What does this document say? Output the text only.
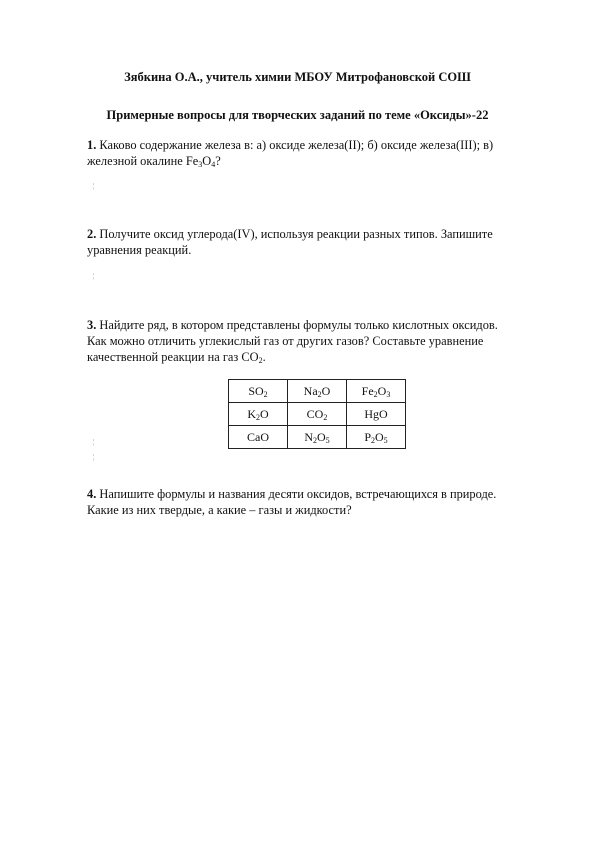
Зябкина О.А., учитель химии МБОУ Митрофановской СОШ
Примерные вопросы для творческих заданий по теме «Оксиды»-22
1. Каково содержание железа в: а) оксиде железа(II); б) оксиде железа(III); в)
железной окалине $Fe_3O_4$?
¦
2. Получите оксид углерода(IV), используя реакции разных типов. Запишите
уравнения реакций.
¦
3. Найдите ряд, в котором представлены формулы только кислотных оксидов.
Как можно отличить углекислый газ от других газов? Составьте уравнение
качественной реакции на газ $CO_2$.
$SO_2$	$Na_2O$	$Fe_2O_3$
$K_2O$	$CO_2$	HgO
CaO	$N_2O_5$	$P_2O_5$
¦
¦
4. Напишите формулы и названия десяти оксидов, встречающихся в природе.
Какие из них твердые, а какие – газы и жидкости?
